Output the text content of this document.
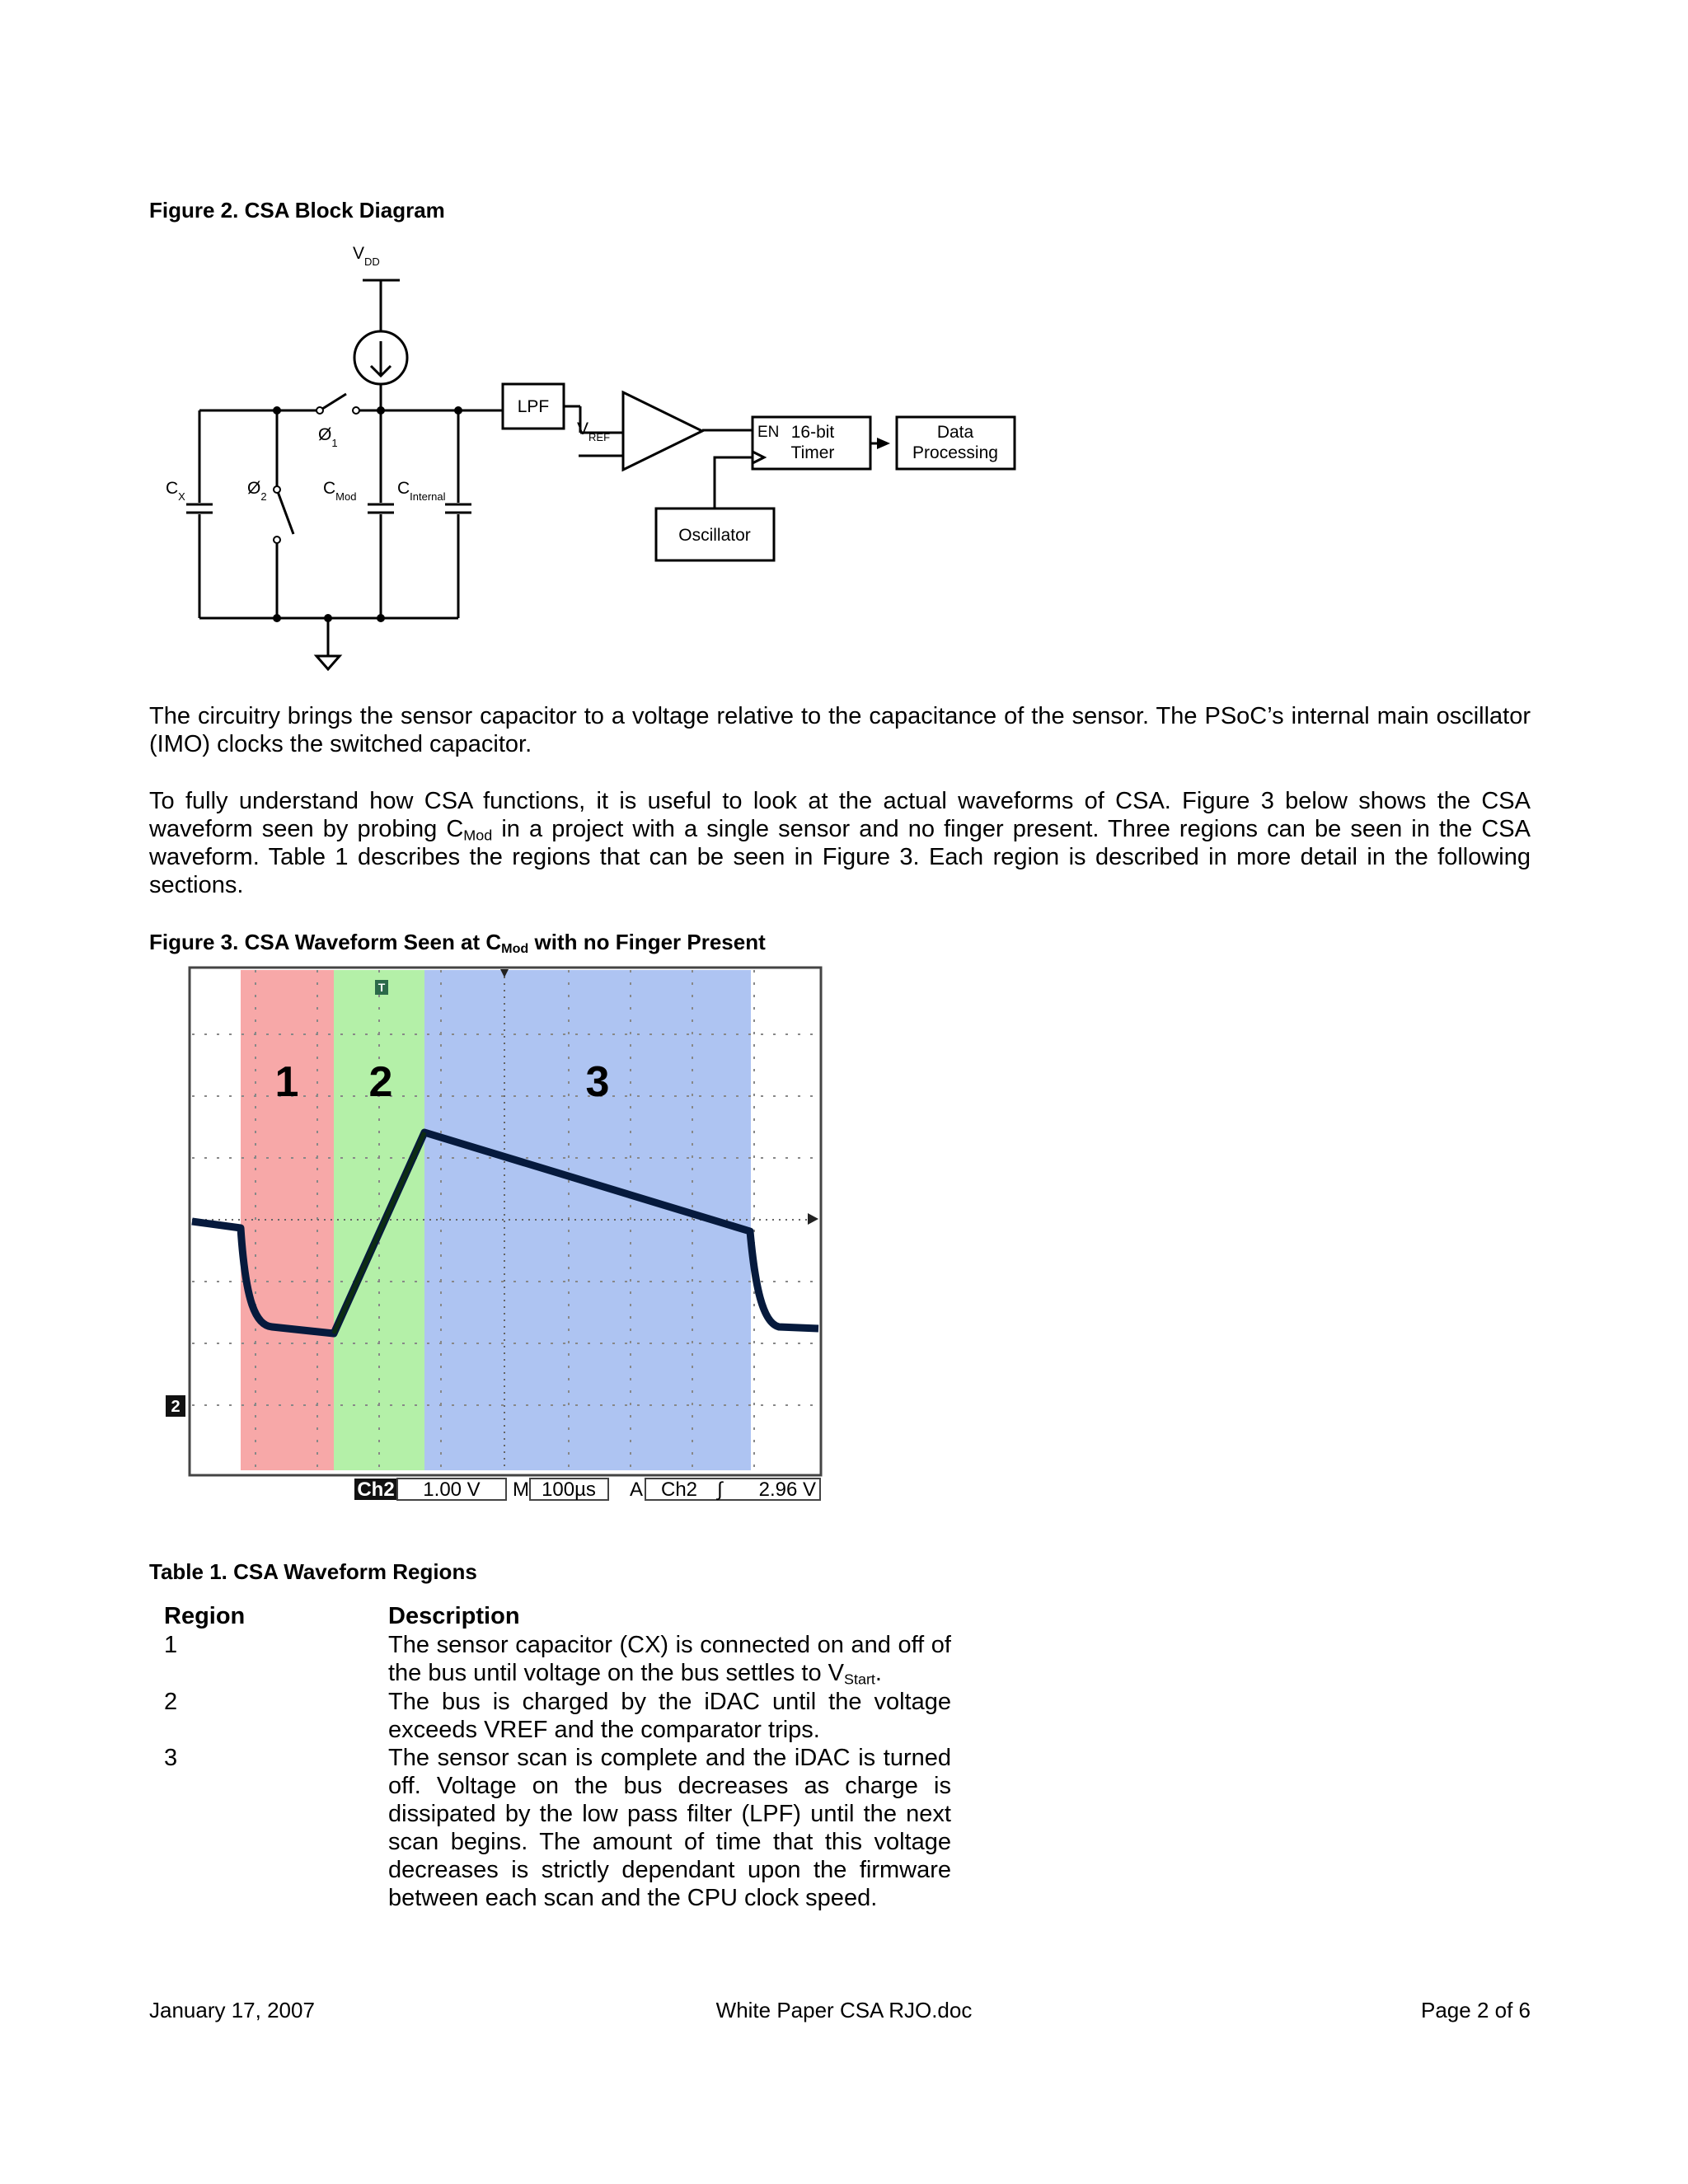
Figure 2. CSA Block Diagram
$V_{DD}$
$Ø_1$
$Ø_2$
$C_X$	$C_{Mod}$ $C_{Internal}$
LPF
$V_{REF}$	EN 16-bit
Timer
Data
Processing
Oscillator
The circuitry brings the sensor capacitor to a voltage relative to the capacitance of the sensor. The PSoC’s internal main oscillator (IMO) clocks the switched capacitor.
To fully understand how CSA functions, it is useful to look at the actual waveforms of CSA. Figure 3 below shows the CSA waveform seen by probing $C_{Mod}$ in a project with a single sensor and no finger present. Three regions can be seen in the CSA waveform. Table 1 describes the regions that can be seen in Figure 3. Each region is described in more detail in the following sections.
Figure 3. CSA Waveform Seen at $C_{Mod}$ with no Finger Present
1 2	3
T
2
Ch2 1.00 V M 100µs A Ch2 ∫ 2.96 V
Table 1. CSA Waveform Regions
Region	Description
1	The sensor capacitor (CX) is connected on and off of the bus until voltage on the bus settles to $V_{Start}$.
2	The bus is charged by the iDAC until the voltage exceeds VREF and the comparator trips.
3	The sensor scan is complete and the iDAC is turned off. Voltage on the bus decreases as charge is dissipated by the low pass filter (LPF) until the next scan begins. The amount of time that this voltage decreases is strictly dependant upon the firmware between each scan and the CPU clock speed.
January 17, 2007	White Paper CSA RJO.doc	Page 2 of 6
